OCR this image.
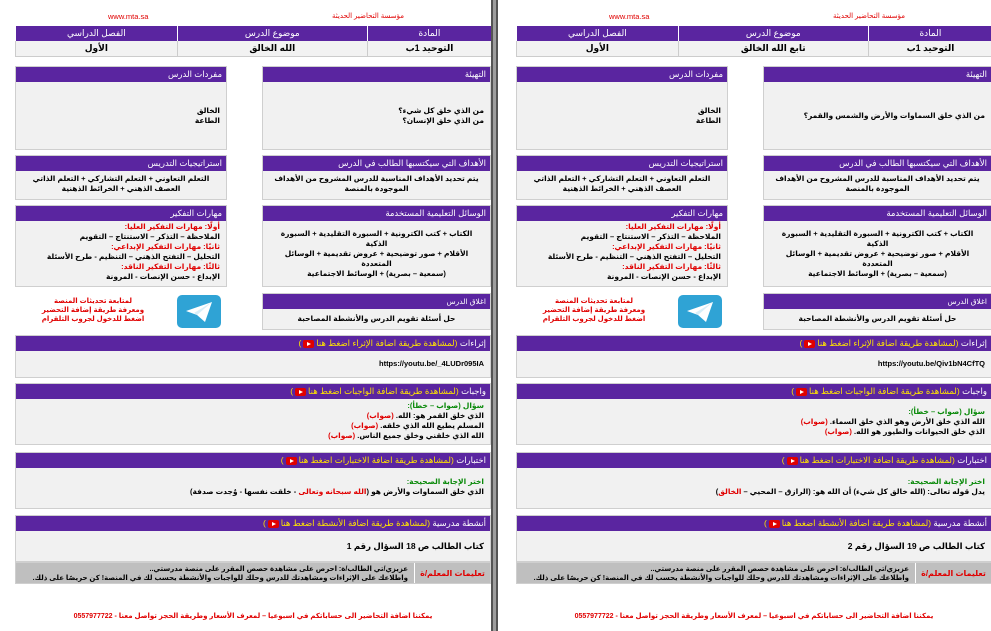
مؤسسة التحاضير الحديثة
www.mta.sa
المادة	موضوع الدرس	الفصل الدراسي
التوحيد 1ب	الله الخالق	الأول
التهيئة
من الذي خلق كل شيء؟
من الذي خلق الإنسان؟
مفردات الدرس
الخالق
الطاعة
الأهداف التي سيكتسبها الطالب في الدرس
يتم تحديد الأهداف المناسبة للدرس المشروح من الأهداف الموجودة بالمنصة
استراتيجيات التدريس
التعلم التعاوني + التعلم التشاركي + التعلم الذاتي
العصف الذهني + الخرائط الذهنية
الوسائل التعليمية المستخدمة
الكتاب + كتب الكترونية + السبورة التقليدية + السبورة الذكية
الأقلام + صور توضيحية + عروض تقديمية + الوسائل المتعددة
(سمعية – بصرية) + الوسائط الاجتماعية
مهارات التفكير
أولًا: مهارات التفكير العليا:
الملاحظة – التذكر – الاستنتاج – التقويم
ثانيًا: مهارات التفكير الإبداعي:
التحليل – التفتح الذهني – التنظيم - طرح الأسئلة
ثالثًا: مهارات التفكير الناقد:
الإبداع - حسن الإنصات - المرونة
اغلاق الدرس
حل أسئلة تقويم الدرس والأنشطة المصاحبة
لمتابعة تحديثات المنصة
ومعرفة طريقة إضافة التحضير
اضغط للدخول لجروب التلقرام
إثراءات (لمشاهدة طريقة اضافة الإثراء اضغط هنا)
https://youtu.be/_4LUDr095IA
واجبات (لمشاهدة طريقة اضافة الواجبات اضغط هنا)
سؤال (صواب – خطأ):
الذي خلق القمر هو: الله. (صواب)
المسلم يطيع الله الذي خلقه. (صواب)
الله الذي خلقني وخلق جميع الناس. (صواب)
اختبارات (لمشاهدة طريقة اضافة الاختبارات اضغط هنا)
اختر الإجابة الصحيحة:
الذي خلق السماوات والأرض هو (الله سبحانه وتعالى - خلقت نفسها - وُجدت صدفة)
أنشطة مدرسية (لمشاهدة طريقة اضافة الأنشطة اضغط هنا)
كتاب الطالب ص 18 السؤال رقم 1
تعليمات المعلم/ة
عزيزي/تي الطالب/ة: احرص على مشاهدة حصص المقرر على منصة مدرستي..
واطلاعك على الإثراءات ومشاهدتك للدرس وحلك للواجبات والأنشطة يحسب لك في المنصة! كن حريصًا على ذلك.
يمكننا اضافة التحاضير الى حساباتكم في اسبوعيا – لمعرف الأسعار وطريقة الحجز تواصل معنا - 0557977722
مؤسسة التحاضير الحديثة
www.mta.sa
المادة	موضوع الدرس	الفصل الدراسي
التوحيد 1ب	تابع الله الخالق	الأول
التهيئة
من الذي خلق السماوات والأرض والشمس والقمر؟
مفردات الدرس
الخالق
الطاعة
الأهداف التي سيكتسبها الطالب في الدرس
يتم تحديد الأهداف المناسبة للدرس المشروح من الأهداف الموجودة بالمنصة
استراتيجيات التدريس
التعلم التعاوني + التعلم التشاركي + التعلم الذاتي
العصف الذهني + الخرائط الذهنية
الوسائل التعليمية المستخدمة
الكتاب + كتب الكترونية + السبورة التقليدية + السبورة الذكية
الأقلام + صور توضيحية + عروض تقديمية + الوسائل المتعددة
(سمعية – بصرية) + الوسائط الاجتماعية
مهارات التفكير
أولًا: مهارات التفكير العليا:
الملاحظة – التذكر – الاستنتاج – التقويم
ثانيًا: مهارات التفكير الإبداعي:
التحليل – التفتح الذهني – التنظيم - طرح الأسئلة
ثالثًا: مهارات التفكير الناقد:
الإبداع - حسن الإنصات - المرونة
اغلاق الدرس
حل أسئلة تقويم الدرس والأنشطة المصاحبة
لمتابعة تحديثات المنصة
ومعرفة طريقة إضافة التحضير
اضغط للدخول لجروب التلقرام
إثراءات (لمشاهدة طريقة اضافة الإثراء اضغط هنا)
https://youtu.be/Qiv1bN4CfTQ
واجبات (لمشاهدة طريقة اضافة الواجبات اضغط هنا)
سؤال (صواب – خطأ):
الله الذي خلق الأرض وهو الذي خلق السماء. (صواب)
الذي خلق الحيوانات والطيور هو الله. (صواب)
اختبارات (لمشاهدة طريقة اضافة الاختبارات اضغط هنا)
اختر الإجابة الصحيحة:
يدل قوله تعالى: (الله خالق كل شيء) أن الله هو: (الرازق – المحيي – الخالق)
أنشطة مدرسية (لمشاهدة طريقة اضافة الأنشطة اضغط هنا)
كتاب الطالب ص 19 السؤال رقم 2
تعليمات المعلم/ة
عزيزي/تي الطالب/ة: احرص على مشاهدة حصص المقرر على منصة مدرستي..
واطلاعك على الإثراءات ومشاهدتك للدرس وحلك للواجبات والأنشطة يحسب لك في المنصة! كن حريصًا على ذلك.
يمكننا اضافة التحاضير الى حساباتكم في اسبوعيا – لمعرف الأسعار وطريقة الحجز تواصل معنا - 0557977722
